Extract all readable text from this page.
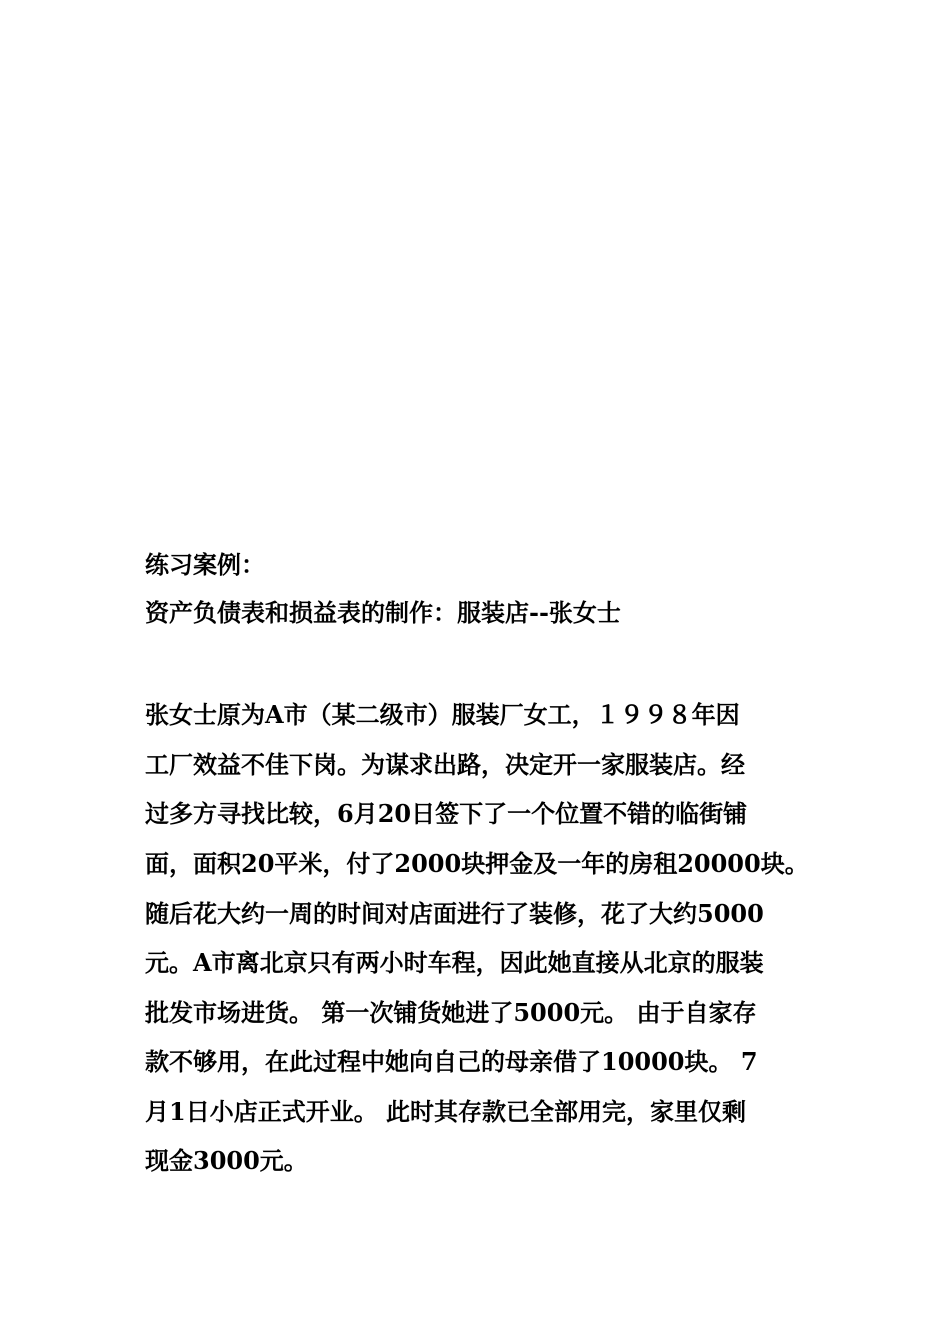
练习案例：
资产负债表和损益表的制作：服装店--张女士
张女士原为A市（某二级市）服装厂女工，１９９８年因
工厂效益不佳下岗。为谋求出路，决定开一家服装店。经
过多方寻找比较，6月20日签下了一个位置不错的临街铺
面，面积20平米，付了2000块押金及一年的房租20000块。
随后花大约一周的时间对店面进行了装修，花了大约5000
元。A市离北京只有两小时车程，因此她直接从北京的服装
批发市场进货。 第一次铺货她进了5000元。 由于自家存
款不够用，在此过程中她向自己的母亲借了10000块。 7
月1日小店正式开业。 此时其存款已全部用完，家里仅剩
现金3000元。
